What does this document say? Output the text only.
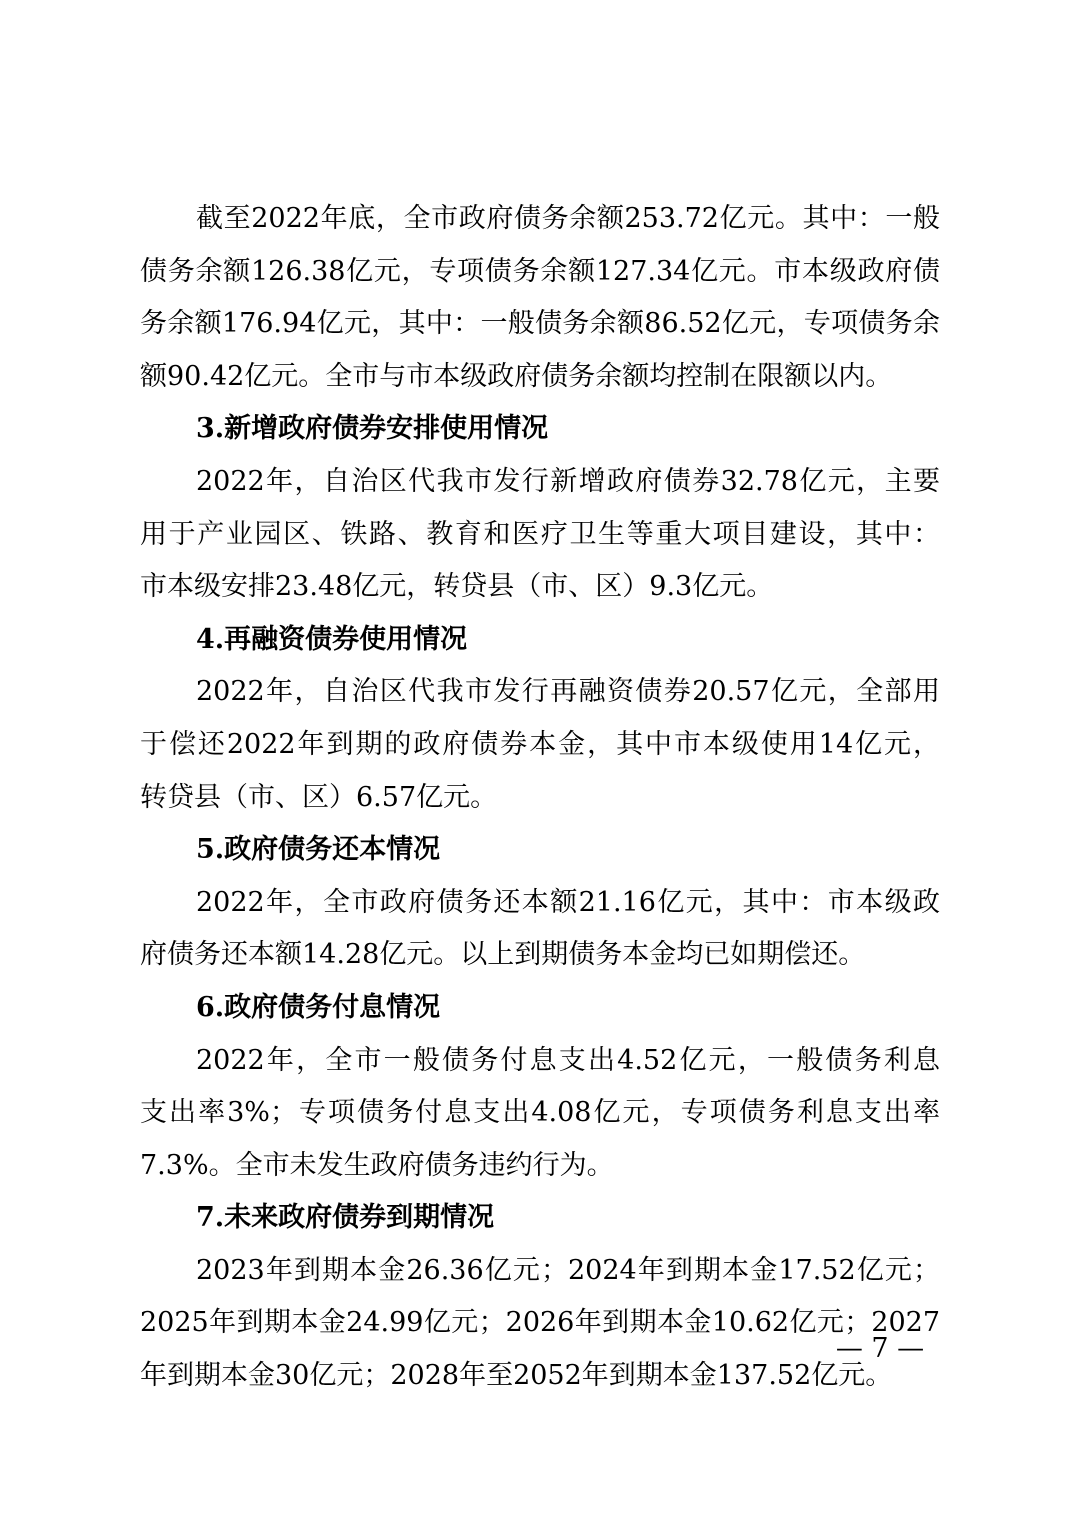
截至2022年底，全市政府债务余额253.72亿元。其中：一般
债务余额126.38亿元，专项债务余额127.34亿元。市本级政府债
务余额176.94亿元，其中：一般债务余额86.52亿元，专项债务余
额90.42亿元。全市与市本级政府债务余额均控制在限额以内。
3.新增政府债券安排使用情况
2022年，自治区代我市发行新增政府债券32.78亿元，主要
用于产业园区、铁路、教育和医疗卫生等重大项目建设，其中：
市本级安排23.48亿元，转贷县（市、区）9.3亿元。
4.再融资债券使用情况
2022年，自治区代我市发行再融资债券20.57亿元，全部用
于偿还2022年到期的政府债券本金，其中市本级使用14亿元，
转贷县（市、区）6.57亿元。
5.政府债务还本情况
2022年，全市政府债务还本额21.16亿元，其中：市本级政
府债务还本额14.28亿元。以上到期债务本金均已如期偿还。
6.政府债务付息情况
2022年，全市一般债务付息支出4.52亿元，一般债务利息
支出率3%；专项债务付息支出4.08亿元，专项债务利息支出率
7.3%。全市未发生政府债务违约行为。
7.未来政府债券到期情况
2023年到期本金26.36亿元；2024年到期本金17.52亿元；
2025年到期本金24.99亿元；2026年到期本金10.62亿元；2027
年到期本金30亿元；2028年至2052年到期本金137.52亿元。
— 7 —
